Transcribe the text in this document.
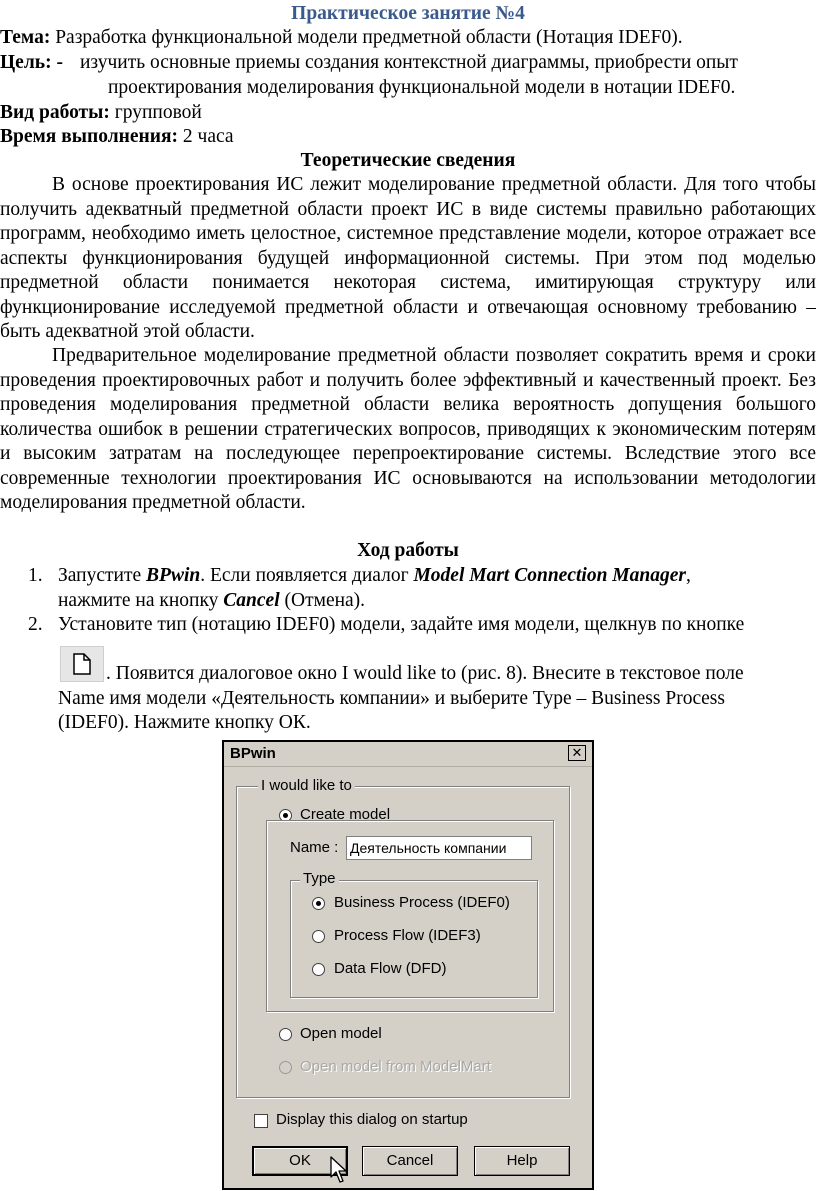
Практическое занятие №4
Тема: Разработка функциональной модели предметной области (Нотация IDEF0).
Цель: - изучить основные приемы создания контекстной диаграммы, приобрести опыт
проектирования моделирования функциональной модели в нотации IDEF0.
Вид работы: групповой
Время выполнения: 2 часа
Теоретические сведения
В основе проектирования ИС лежит моделирование предметной области. Для того чтобы получить адекватный предметной области проект ИС в виде системы правильно работающих программ, необходимо иметь целостное, системное представление модели, которое отражает все аспекты функционирования будущей информационной системы. При этом под моделью предметной области понимается некоторая система, имитирующая структуру или функционирование исследуемой предметной области и отвечающая основному требованию – быть адекватной этой области.
Предварительное моделирование предметной области позволяет сократить время и сроки проведения проектировочных работ и получить более эффективный и качественный проект. Без проведения моделирования предметной области велика вероятность допущения большого количества ошибок в решении стратегических вопросов, приводящих к экономическим потерям и высоким затратам на последующее перепроектирование системы. Вследствие этого все современные технологии проектирования ИС основываются на использовании методологии моделирования предметной области.
Ход работы
1. Запустите BPwin. Если появляется диалог Model Mart Connection Manager,
нажмите на кнопку Cancel (Отмена).
2. Установите тип (нотацию IDEF0) модели, задайте имя модели, щелкнув по кнопке
. Появится диалоговое окно I would like to (рис. 8). Внесите в текстовое поле
Name имя модели «Деятельность компании» и выберите Type – Business Process
(IDEF0). Нажмите кнопку ОК.
BPwin	✕
I would like to
Create model
Name : Деятельность компании
Type
Business Process (IDEF0)
Process Flow (IDEF3)
Data Flow (DFD)
Open model
Open model from ModelMart
Display this dialog on startup
OK	Cancel	Help
